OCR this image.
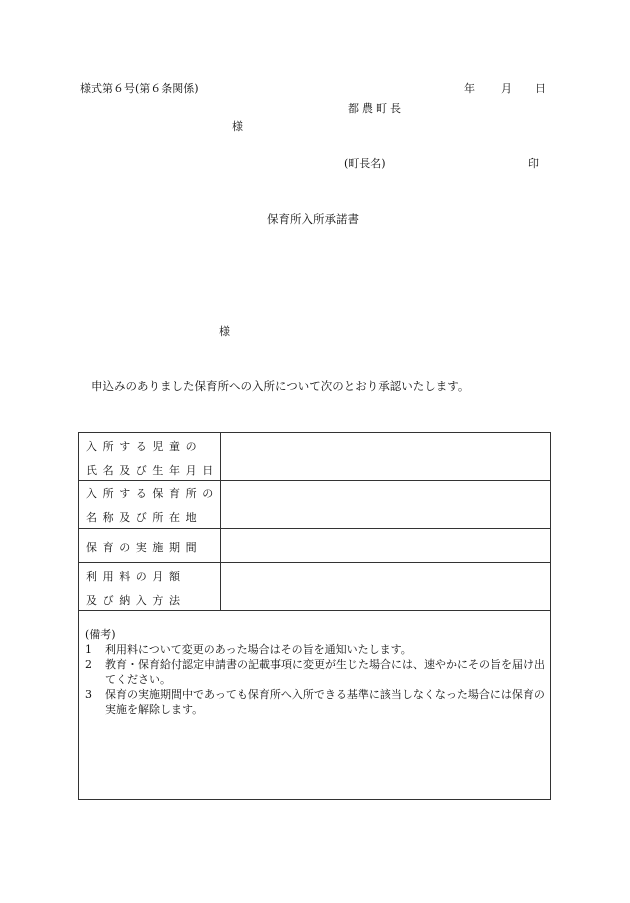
様式第６号(第６条関係)	年 月 日
都農町長
様
(町長名)	印
保育所入所承諾書
様
申込みのありました保育所への入所について次のとおり承認いたします。
入所する児童の
氏名及び生年月日
入所する保育所の
名称及び所在地
保育の実施期間
利用料の月額
及び納入方法
(備考)
1 利用料について変更のあった場合はその旨を通知いたします。
2 教育・保育給付認定申請書の記載事項に変更が生じた場合には、速やかにその旨を届け出てください。
3 保育の実施期間中であっても保育所へ入所できる基準に該当しなくなった場合には保育の実施を解除します。
